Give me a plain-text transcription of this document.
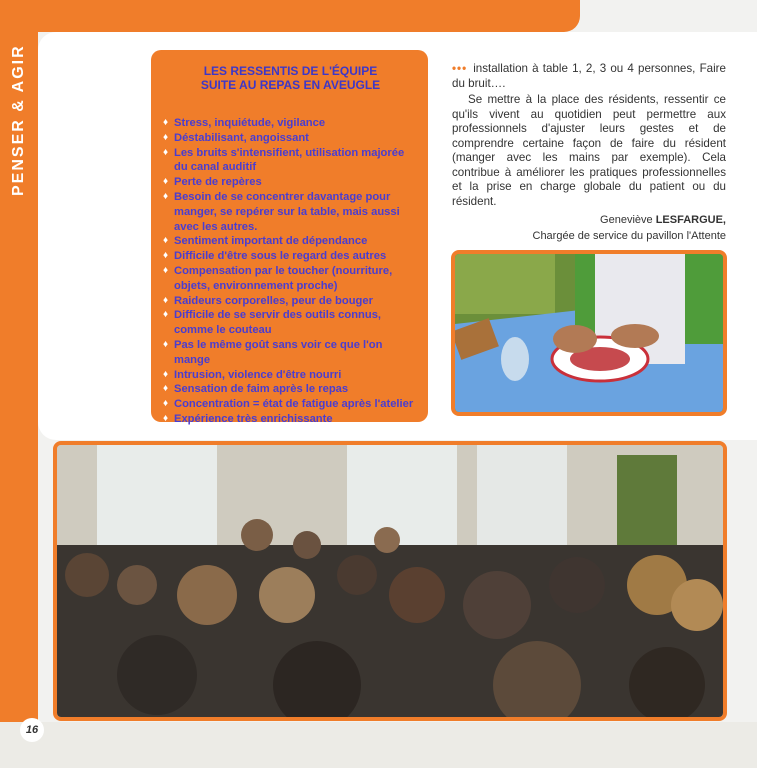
PENSER & AGIR	LES RESSENTIS DE L'ÉQUIPE
SUITE AU REPAS EN AVEUGLE
♦ Stress, inquiétude, vigilance
♦ Déstabilisant, angoissant
♦ Les bruits s'intensifient, utilisation majorée du canal auditif
♦ Perte de repères
♦ Besoin de se concentrer davantage pour manger, se repérer sur la table, mais aussi avec les autres.
♦ Sentiment important de dépendance
♦ Difficile d'être sous le regard des autres
♦ Compensation par le toucher (nourriture, objets, environnement proche)
♦ Raideurs corporelles, peur de bouger
♦ Difficile de se servir des outils connus, comme le couteau
♦ Pas le même goût sans voir ce que l'on mange
♦ Intrusion, violence d'être nourri
♦ Sensation de faim après le repas
♦ Concentration = état de fatigue après l'atelier
♦ Expérience très enrichissante

••• installation à table 1, 2, 3 ou 4 personnes, Faire du bruit….

Se mettre à la place des résidents, ressentir ce qu'ils vivent au quotidien peut permettre aux professionnels d'ajuster leurs gestes et de comprendre certaine façon de faire du résident (manger avec les mains par exemple). Cela contribue à améliorer les pratiques professionnelles et la prise en charge globale du patient ou du résident.

Geneviève LESFARGUE,
Chargée de service du pavillon l'Attente
16
